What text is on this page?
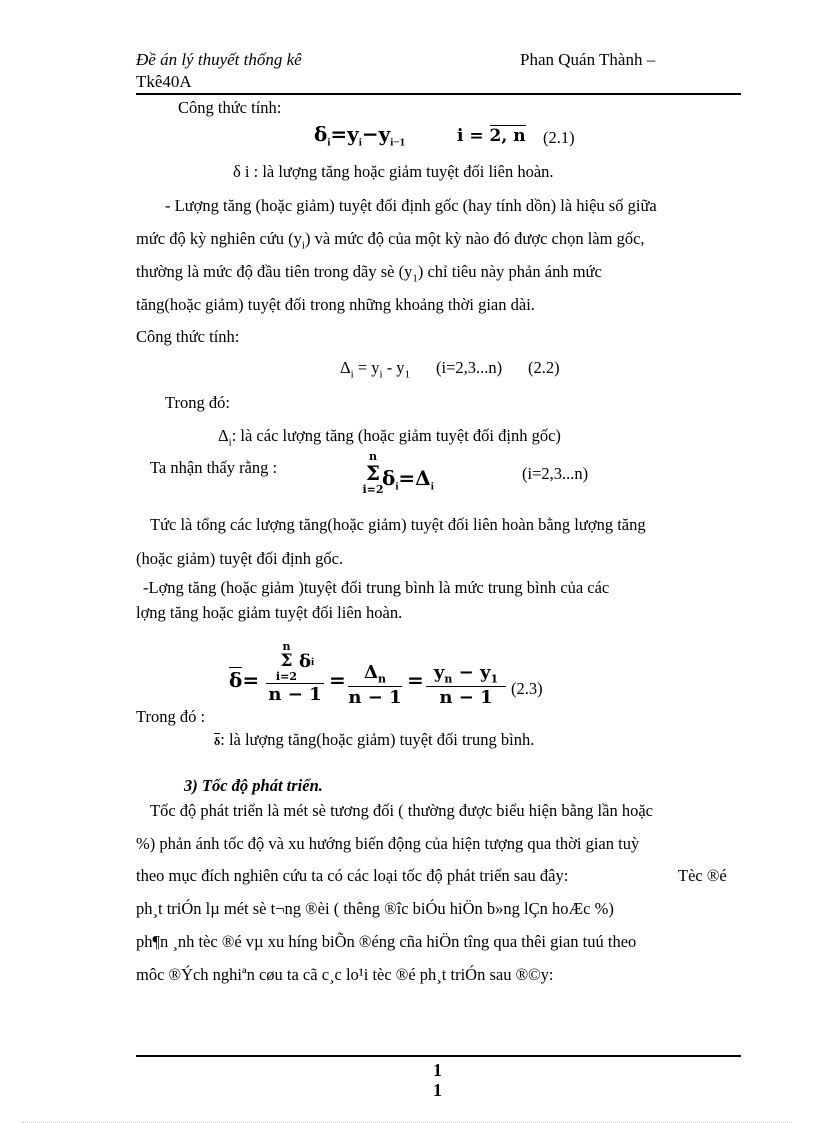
Đề án lý thuyết thống kê	Phan Quán Thành –
Tkê40A
Công thức tính:
$\delta_i=y_i-y_{i-1}$	i = 2, n (2.1)
δ i : là lượng tăng hoặc giảm tuyệt đối liên hoàn.
- Lượng tăng (hoặc giảm) tuyệt đối định gốc (hay tính dồn) là hiệu số giữa
mức độ kỳ nghiên cứu $(y_i)$ và mức độ của một kỳ nào đó được chọn làm gốc,
thường là mức độ đầu tiên trong dãy sè $(y_1)$ chỉ tiêu này phản ánh mức
tăng(hoặc giảm) tuyệt đối trong những khoảng thời gian dài.
Công thức tính:
$\Delta_i = y_i - y_1$ (i=2,3...n) (2.2)
Trong đó:
$\Delta_i$: là các lượng tăng (hoặc giảm tuyệt đối định gốc)
Ta nhận thấy rằng :
n
Σ
i=2
$\delta_i=\Delta_i$
(i=2,3...n)
Tức là tổng các lượng tăng(hoặc giảm) tuyệt đối liên hoàn bằng lượng tăng
(hoặc giảm) tuyệt đối định gốc.
-Lợng tăng (hoặc giảm )tuyệt đối trung bình là mức trung bình của các
lợng tăng hoặc giảm tuyệt đối liên hoàn.
δ=
n
Σ
i=2
δ i
n − 1
= $\Delta_n$
n − 1
= $y_n - y_1$
n − 1 (2.3)
Trong đó :
δ: là lượng tăng(hoặc giảm) tuyệt đối trung bình.
3) Tốc độ phát triển.
Tốc độ phát triển là mét sè tương đối ( thường được biểu hiện bằng lần hoặc
%) phản ánh tốc độ và xu hướng biến động của hiện tượng qua thời gian tuỳ
theo mục đích nghiên cứu ta có các loại tốc độ phát triển sau đây:	Tèc ®é
ph¸t triÓn lµ mét sè t¬ng ®èi ( thêng ®îc biÓu hiÖn b»ng lÇn hoÆc %)
ph¶n ¸nh tèc ®é vµ xu híng biÕn ®éng cña hiÖn tîng qua thêi gian tuú theo
môc ®Ých nghiªn cøu ta cã c¸c lo¹i tèc ®é ph¸t triÓn sau ®©y:
1
1
